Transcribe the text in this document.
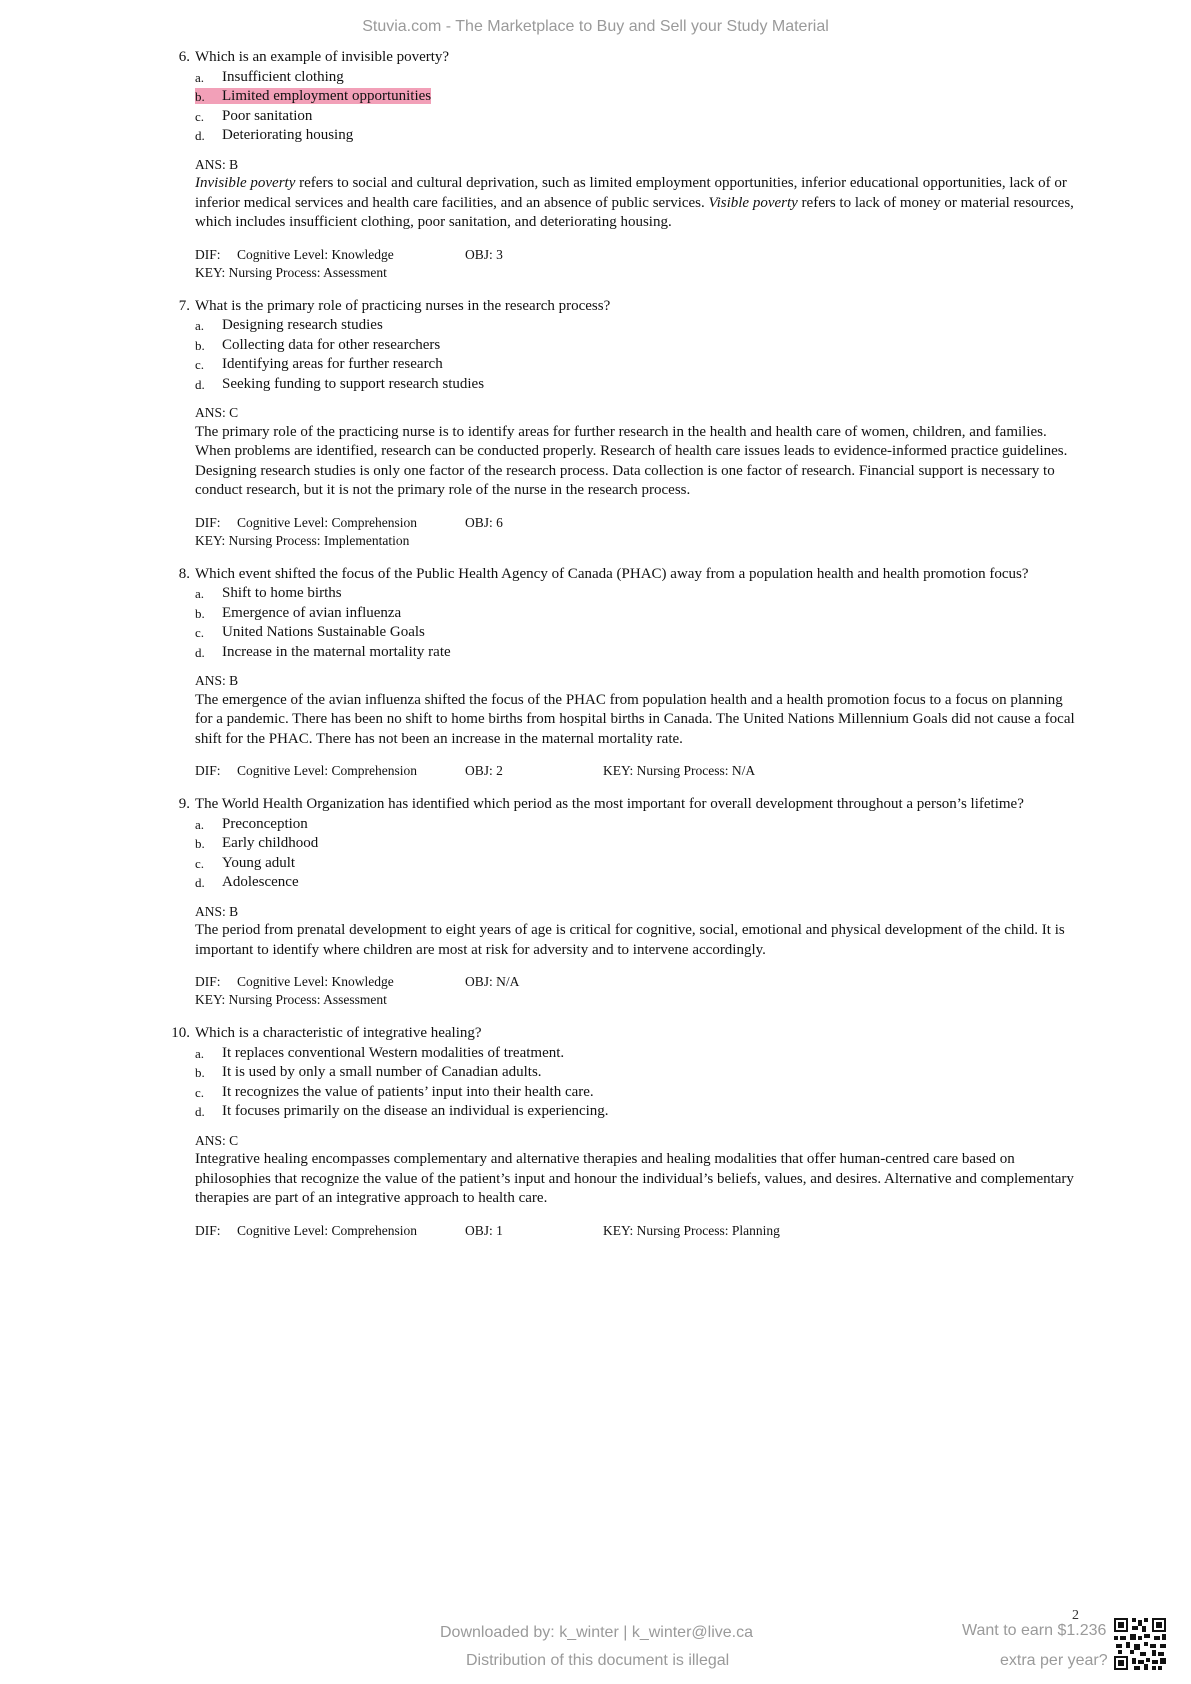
Stuvia.com - The Marketplace to Buy and Sell your Study Material
6. Which is an example of invisible poverty?

a. Insufficient clothing
b. Limited employment opportunities
c. Poor sanitation
d. Deteriorating housing
ANS: B

Invisible poverty refers to social and cultural deprivation, such as limited employment opportunities, inferior educational opportunities, lack of or inferior medical services and health care facilities, and an absence of public services. Visible poverty refers to lack of money or material resources, which includes insufficient clothing, poor sanitation, and deteriorating housing.

DIF: Cognitive Level: Knowledge	OBJ: 3
KEY: Nursing Process: Assessment
7. What is the primary role of practicing nurses in the research process?

a. Designing research studies
b. Collecting data for other researchers
c. Identifying areas for further research
d. Seeking funding to support research studies
ANS: C

The primary role of the practicing nurse is to identify areas for further research in the health and health care of women, children, and families. When problems are identified, research can be conducted properly. Research of health care issues leads to evidence-informed practice guidelines. Designing research studies is only one factor of the research process. Data collection is one factor of research. Financial support is necessary to conduct research, but it is not the primary role of the nurse in the research process.

DIF: Cognitive Level: Comprehension	OBJ: 6
KEY: Nursing Process: Implementation
8. Which event shifted the focus of the Public Health Agency of Canada (PHAC) away from a population health and health promotion focus?

a. Shift to home births
b. Emergence of avian influenza
c. United Nations Sustainable Goals
d. Increase in the maternal mortality rate
ANS: B

The emergence of the avian influenza shifted the focus of the PHAC from population health and a health promotion focus to a focus on planning for a pandemic. There has been no shift to home births from hospital births in Canada. The United Nations Millennium Goals did not cause a focal shift for the PHAC. There has not been an increase in the maternal mortality rate.

DIF: Cognitive Level: Comprehension	OBJ: 2	KEY: Nursing Process: N/A
9. The World Health Organization has identified which period as the most important for overall development throughout a person’s lifetime?

a. Preconception
b. Early childhood
c. Young adult
d. Adolescence
ANS: B

The period from prenatal development to eight years of age is critical for cognitive, social, emotional and physical development of the child. It is important to identify where children are most at risk for adversity and to intervene accordingly.

DIF: Cognitive Level: Knowledge	OBJ: N/A
KEY: Nursing Process: Assessment
10. Which is a characteristic of integrative healing?

a. It replaces conventional Western modalities of treatment.
b. It is used by only a small number of Canadian adults.
c. It recognizes the value of patients’ input into their health care.
d. It focuses primarily on the disease an individual is experiencing.
ANS: C

Integrative healing encompasses complementary and alternative therapies and healing modalities that offer human-centred care based on philosophies that recognize the value of the patient’s input and honour the individual’s beliefs, values, and desires. Alternative and complementary therapies are part of an integrative approach to health care.

DIF: Cognitive Level: Comprehension	OBJ: 1	KEY: Nursing Process: Planning
2
Downloaded by: k_winter | k_winter@live.ca
Distribution of this document is illegal
Want to earn $1.236
extra per year?
